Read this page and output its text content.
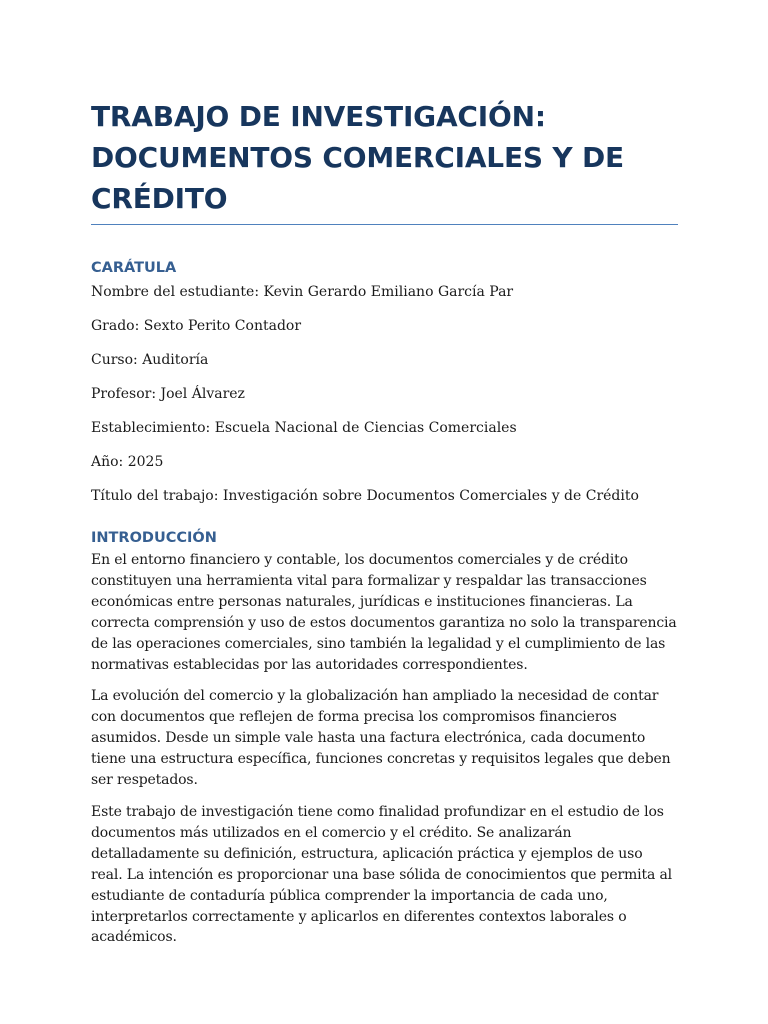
TRABAJO DE INVESTIGACIÓN: DOCUMENTOS COMERCIALES Y DE CRÉDITO
CARÁTULA

Nombre del estudiante: Kevin Gerardo Emiliano García Par

Grado: Sexto Perito Contador

Curso: Auditoría

Profesor: Joel Álvarez

Establecimiento: Escuela Nacional de Ciencias Comerciales

Año: 2025

Título del trabajo: Investigación sobre Documentos Comerciales y de Crédito

INTRODUCCIÓN

En el entorno financiero y contable, los documentos comerciales y de crédito constituyen una herramienta vital para formalizar y respaldar las transacciones económicas entre personas naturales, jurídicas e instituciones financieras. La correcta comprensión y uso de estos documentos garantiza no solo la transparencia de las operaciones comerciales, sino también la legalidad y el cumplimiento de las normativas establecidas por las autoridades correspondientes.

La evolución del comercio y la globalización han ampliado la necesidad de contar con documentos que reflejen de forma precisa los compromisos financieros asumidos. Desde un simple vale hasta una factura electrónica, cada documento tiene una estructura específica, funciones concretas y requisitos legales que deben ser respetados.

Este trabajo de investigación tiene como finalidad profundizar en el estudio de los documentos más utilizados en el comercio y el crédito. Se analizarán detalladamente su definición, estructura, aplicación práctica y ejemplos de uso real. La intención es proporcionar una base sólida de conocimientos que permita al estudiante de contaduría pública comprender la importancia de cada uno, interpretarlos correctamente y aplicarlos en diferentes contextos laborales o académicos.
